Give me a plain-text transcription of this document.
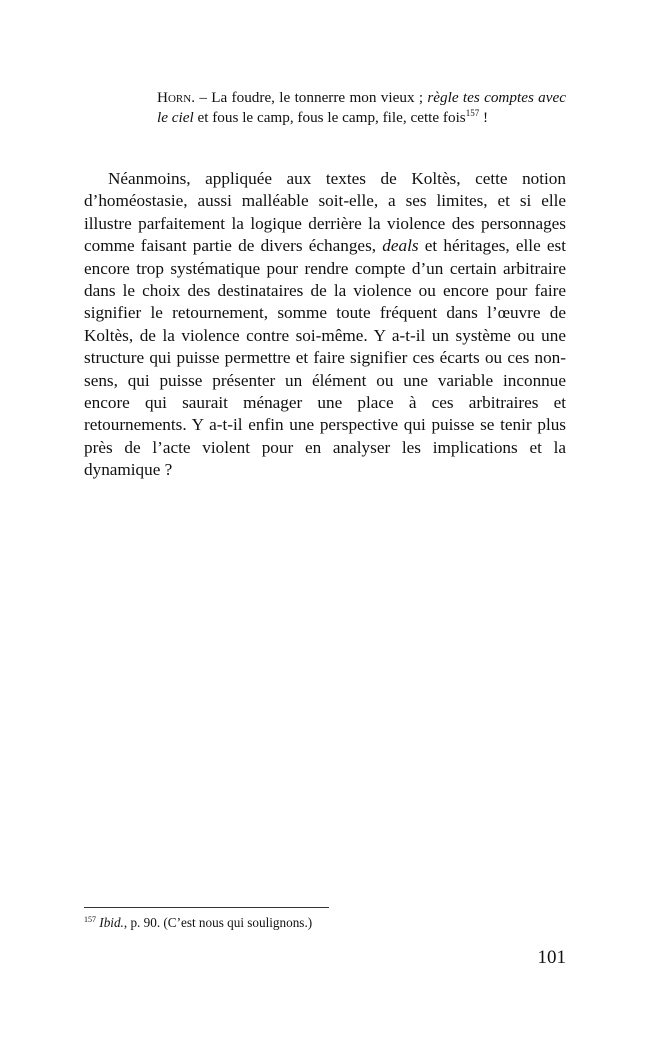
Horn. – La foudre, le tonnerre mon vieux ; règle tes comptes avec le ciel et fous le camp, fous le camp, file, cette fois$^{157}$ !

Néanmoins, appliquée aux textes de Koltès, cette notion d’homéostasie, aussi malléable soit-elle, a ses limites, et si elle illustre parfaitement la logique derrière la violence des personnages comme faisant partie de divers échanges, deals et héritages, elle est encore trop systématique pour rendre compte d’un certain arbitraire dans le choix des destinataires de la violence ou encore pour faire signifier le retournement, somme toute fréquent dans l’œuvre de Koltès, de la violence contre soi-même. Y a-t-il un système ou une structure qui puisse permettre et faire signifier ces écarts ou ces non-sens, qui puisse présenter un élément ou une variable inconnue encore qui saurait ménager une place à ces arbitraires et retournements. Y a-t-il enfin une perspective qui puisse se tenir plus près de l’acte violent pour en analyser les implications et la dynamique ?

$^{157}$ Ibid., p. 90. (C’est nous qui soulignons.)
101
